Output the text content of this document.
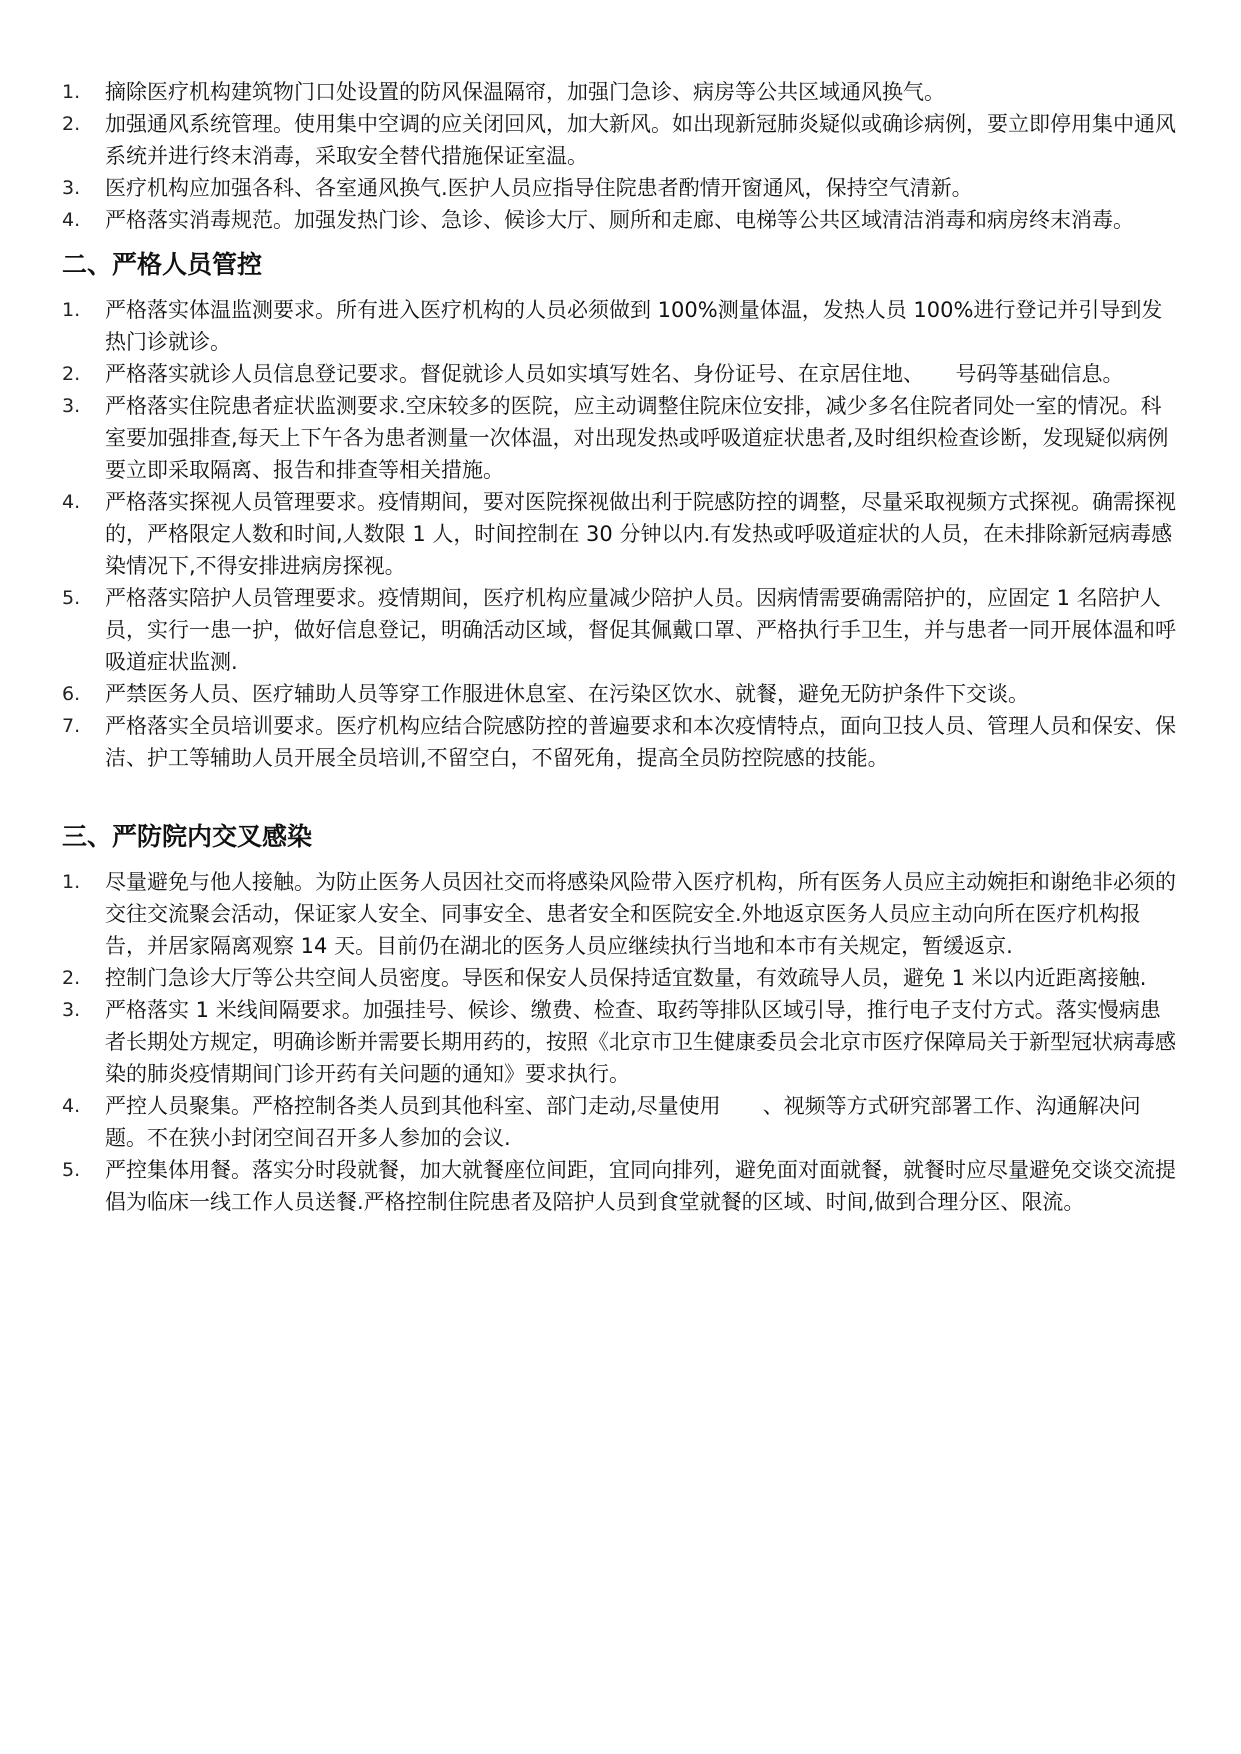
1.	摘除医疗机构建筑物门口处设置的防风保温隔帘，加强门急诊、病房等公共区域通风换气。
2.	加强通风系统管理。使用集中空调的应关闭回风，加大新风。如出现新冠肺炎疑似或确诊病例，要立即停用集中通风系统并进行终末消毒，采取安全替代措施保证室温。
3.	医疗机构应加强各科、各室通风换气.医护人员应指导住院患者酌情开窗通风，保持空气清新。
4.	严格落实消毒规范。加强发热门诊、急诊、候诊大厅、厕所和走廊、电梯等公共区域清洁消毒和病房终末消毒。
二、严格人员管控
1.	严格落实体温监测要求。所有进入医疗机构的人员必须做到 100%测量体温，发热人员 100%进行登记并引导到发热门诊就诊。
2.	严格落实就诊人员信息登记要求。督促就诊人员如实填写姓名、身份证号、在京居住地、　　号码等基础信息。
3.	严格落实住院患者症状监测要求.空床较多的医院，应主动调整住院床位安排，减少多名住院者同处一室的情况。科室要加强排查,每天上下午各为患者测量一次体温，对出现发热或呼吸道症状患者,及时组织检查诊断，发现疑似病例要立即采取隔离、报告和排查等相关措施。
4.	严格落实探视人员管理要求。疫情期间，要对医院探视做出利于院感防控的调整，尽量采取视频方式探视。确需探视的，严格限定人数和时间,人数限 1 人，时间控制在 30 分钟以内.有发热或呼吸道症状的人员，在未排除新冠病毒感染情况下,不得安排进病房探视。
5.	严格落实陪护人员管理要求。疫情期间，医疗机构应量减少陪护人员。因病情需要确需陪护的，应固定 1 名陪护人员，实行一患一护，做好信息登记，明确活动区域，督促其佩戴口罩、严格执行手卫生，并与患者一同开展体温和呼吸道症状监测.
6.	严禁医务人员、医疗辅助人员等穿工作服进休息室、在污染区饮水、就餐，避免无防护条件下交谈。
7.	严格落实全员培训要求。医疗机构应结合院感防控的普遍要求和本次疫情特点，面向卫技人员、管理人员和保安、保洁、护工等辅助人员开展全员培训,不留空白，不留死角，提高全员防控院感的技能。
三、严防院内交叉感染
1.	尽量避免与他人接触。为防止医务人员因社交而将感染风险带入医疗机构，所有医务人员应主动婉拒和谢绝非必须的交往交流聚会活动，保证家人安全、同事安全、患者安全和医院安全.外地返京医务人员应主动向所在医疗机构报告，并居家隔离观察 14 天。目前仍在湖北的医务人员应继续执行当地和本市有关规定，暂缓返京.
2.	控制门急诊大厅等公共空间人员密度。导医和保安人员保持适宜数量，有效疏导人员，避免 1 米以内近距离接触.
3.	严格落实 1 米线间隔要求。加强挂号、候诊、缴费、检查、取药等排队区域引导，推行电子支付方式。落实慢病患者长期处方规定，明确诊断并需要长期用药的，按照《北京市卫生健康委员会北京市医疗保障局关于新型冠状病毒感染的肺炎疫情期间门诊开药有关问题的通知》要求执行。
4.	严控人员聚集。严格控制各类人员到其他科室、部门走动,尽量使用　　、视频等方式研究部署工作、沟通解决问题。不在狭小封闭空间召开多人参加的会议.
5.	严控集体用餐。落实分时段就餐，加大就餐座位间距，宜同向排列，避免面对面就餐，就餐时应尽量避免交谈交流提倡为临床一线工作人员送餐.严格控制住院患者及陪护人员到食堂就餐的区域、时间,做到合理分区、限流。
